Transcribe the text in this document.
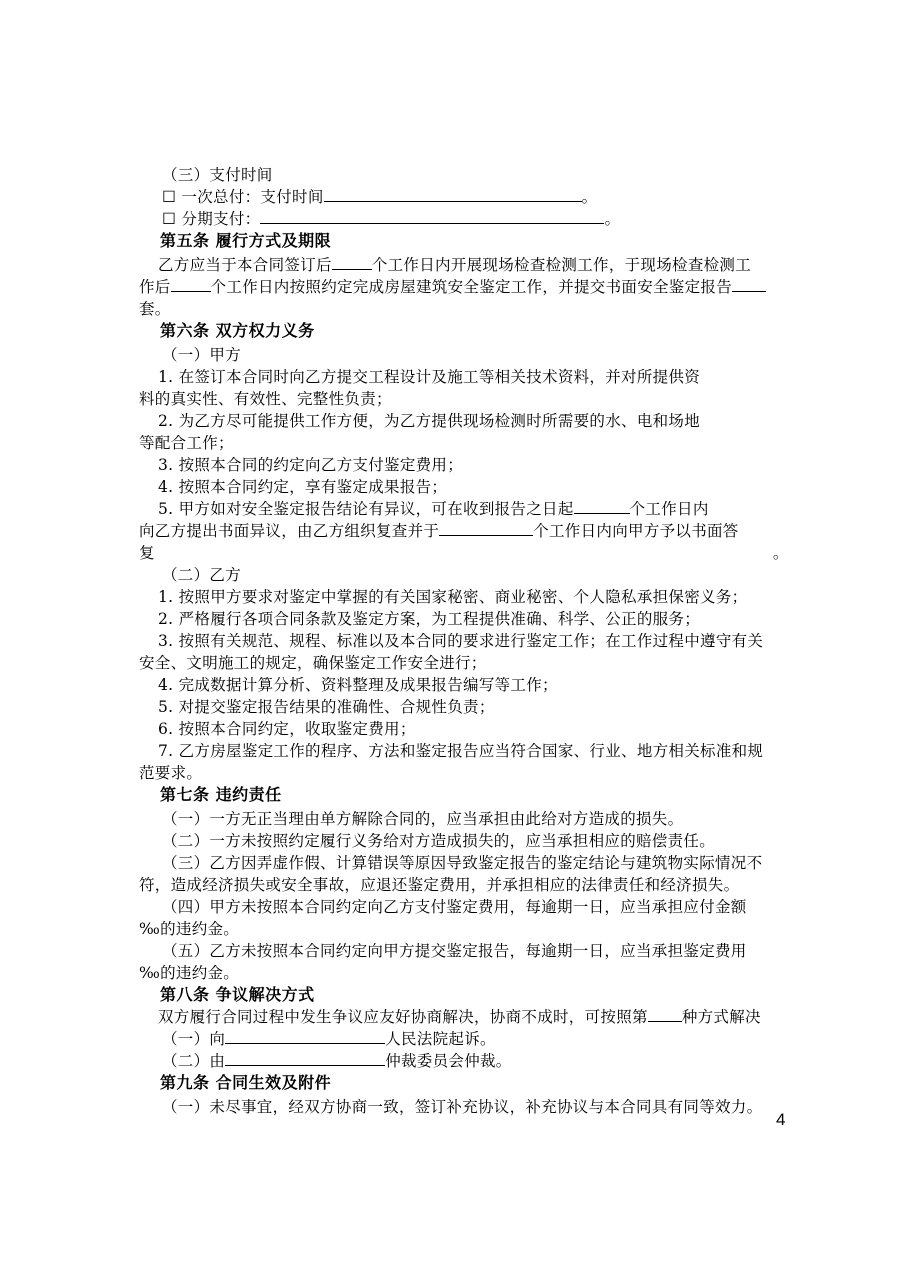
（三）支付时间
☐ 一次总付：支付时间	。
☐ 分期支付：	。
第五条 履行方式及期限
乙方应当于本合同签订后	个工作日内开展现场检查检测工作，于现场检查检测工
作后	个工作日内按照约定完成房屋建筑安全鉴定工作，并提交书面安全鉴定报告
套。
第六条 双方权力义务
（一）甲方
1. 在签订本合同时向乙方提交工程设计及施工等相关技术资料，并对所提供资
料的真实性、有效性、完整性负责；
2. 为乙方尽可能提供工作方便，为乙方提供现场检测时所需要的水、电和场地
等配合工作；
3. 按照本合同的约定向乙方支付鉴定费用；
4. 按照本合同约定，享有鉴定成果报告；
5. 甲方如对安全鉴定报告结论有异议，可在收到报告之日起	个工作日内
向乙方提出书面异议，由乙方组织复查并于	个工作日内向甲方予以书面答
复	。
（二）乙方
1. 按照甲方要求对鉴定中掌握的有关国家秘密、商业秘密、个人隐私承担保密义务；
2. 严格履行各项合同条款及鉴定方案，为工程提供准确、科学、公正的服务；
3. 按照有关规范、规程、标准以及本合同的要求进行鉴定工作；在工作过程中遵守有关
安全、文明施工的规定，确保鉴定工作安全进行；
4. 完成数据计算分析、资料整理及成果报告编写等工作；
5. 对提交鉴定报告结果的准确性、合规性负责；
6. 按照本合同约定，收取鉴定费用；
7. 乙方房屋鉴定工作的程序、方法和鉴定报告应当符合国家、行业、地方相关标准和规
范要求。
第七条 违约责任
（一）一方无正当理由单方解除合同的，应当承担由此给对方造成的损失。
（二）一方未按照约定履行义务给对方造成损失的，应当承担相应的赔偿责任。
（三）乙方因弄虚作假、计算错误等原因导致鉴定报告的鉴定结论与建筑物实际情况不
符，造成经济损失或安全事故，应退还鉴定费用，并承担相应的法律责任和经济损失。
（四）甲方未按照本合同约定向乙方支付鉴定费用，每逾期一日，应当承担应付金额
‰的违约金。
（五）乙方未按照本合同约定向甲方提交鉴定报告，每逾期一日，应当承担鉴定费用
‰的违约金。
第八条 争议解决方式
双方履行合同过程中发生争议应友好协商解决，协商不成时，可按照第 种方式解决
（一）向	人民法院起诉。
（二）由	仲裁委员会仲裁。
第九条 合同生效及附件
（一）未尽事宜，经双方协商一致，签订补充协议，补充协议与本合同具有同等效力。
4
